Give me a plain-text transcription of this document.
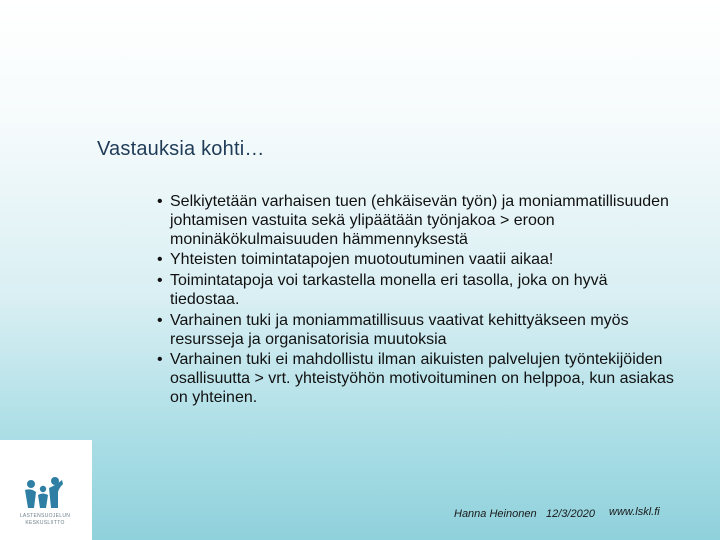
Vastauksia kohti…
• Selkiytetään varhaisen tuen (ehkäisevän työn) ja moniammatillisuuden johtamisen vastuita sekä ylipäätään työnjakoa > eroon moninäkökulmaisuuden hämmennyksestä
• Yhteisten toimintatapojen muotoutuminen vaatii aikaa!
• Toimintatapoja voi tarkastella monella eri tasolla, joka on hyvä tiedostaa.
• Varhainen tuki ja moniammatillisuus vaativat kehittyäkseen myös resursseja ja organisatorisia muutoksia
• Varhainen tuki ei mahdollistu ilman aikuisten palvelujen työntekijöiden osallisuutta > vrt. yhteistyöhön motivoituminen on helppoa, kun asiakas on yhteinen.
LASTENSUOJELUN
KESKUSLIITTO
Hanna Heinonen 12/3/2020 www.lskl.fi
